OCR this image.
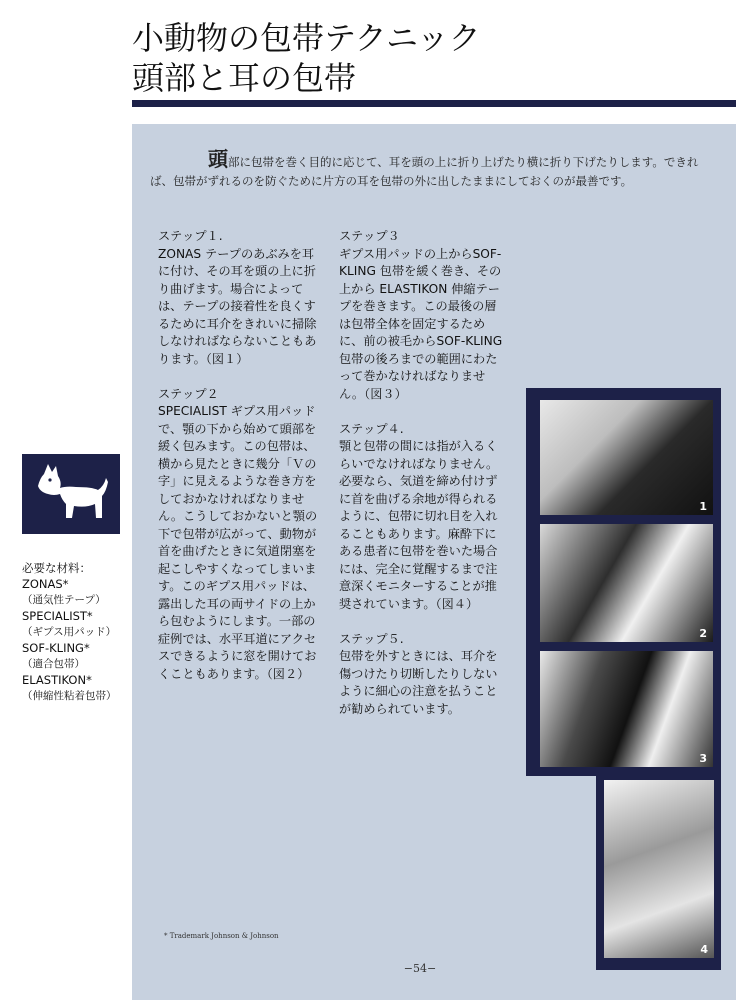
小動物の包帯テクニック
頭部と耳の包帯
頭部に包帯を巻く目的に応じて、耳を頭の上に折り上げたり横に折り下げたりします。できれば、包帯がずれるのを防ぐために片方の耳を包帯の外に出したままにしておくのが最善です。

ステップ１.
ZONAS テープのあぶみを耳に付け、その耳を頭の上に折り曲げます。場合によっては、テープの接着性を良くするために耳介をきれいに掃除しなければならないこともあります。（図１）

ステップ２
SPECIALIST ギプス用パッドで、顎の下から始めて頭部を緩く包みます。この包帯は、横から見たときに幾分「Ｖの字」に見えるような巻き方をしておかなければなりません。こうしておかないと顎の下で包帯が広がって、動物が首を曲げたときに気道閉塞を起こしやすくなってしまいます。このギプス用パッドは、露出した耳の両サイドの上から包むようにします。一部の症例では、水平耳道にアクセスできるように窓を開けておくこともあります。（図２）

ステップ３
ギプス用パッドの上からSOF-KLING 包帯を緩く巻き、その上から ELASTIKON 伸縮テープを巻きます。この最後の層は包帯全体を固定するために、前の被毛からSOF-KLING 包帯の後ろまでの範囲にわたって巻かなければなりません。（図３）

ステップ４.
顎と包帯の間には指が入るくらいでなければなりません。必要なら、気道を締め付けずに首を曲げる余地が得られるように、包帯に切れ目を入れることもあります。麻酔下にある患者に包帯を巻いた場合には、完全に覚醒するまで注意深くモニターすることが推奨されています。（図４）

ステップ５.
包帯を外すときには、耳介を傷つけたり切断したりしないように細心の注意を払うことが勧められています。

必要な材料：
ZONAS*
（通気性テープ）
SPECIALIST*
（ギプス用パッド）
SOF-KLING*
（適合包帯）
ELASTIKON*
（伸縮性粘着包帯）
1
2
3
4
* Trademark Johnson & Johnson
−54−
